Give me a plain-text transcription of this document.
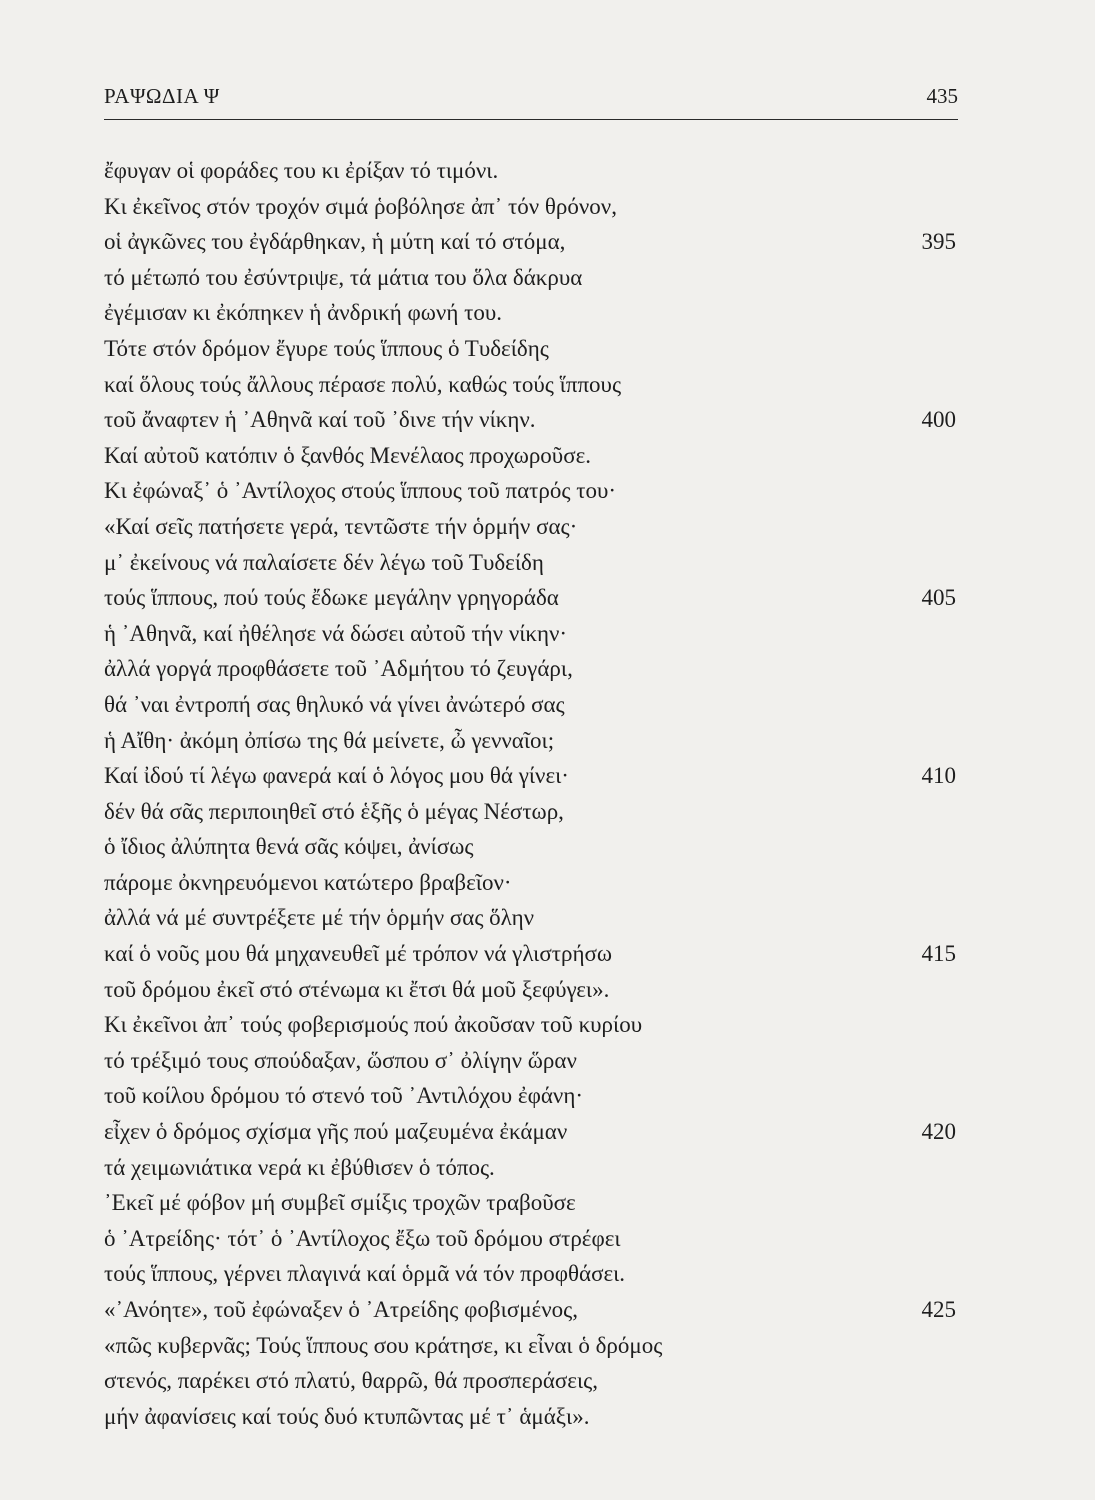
ΡΑΨΩΔΙΑ Ψ	435
ἔφυγαν οἱ φοράδες του κι ἐρίξαν τό τιμόνι.
Κι ἐκεῖνος στόν τροχόν σιμά ῥοβόλησε ἀπ᾿ τόν θρόνον,
οἱ ἀγκῶνες του ἐγδάρθηκαν, ἡ μύτη καί τό στόμα,	395
τό μέτωπό του ἐσύντριψε, τά μάτια του ὅλα δάκρυα
ἐγέμισαν κι ἐκόπηκεν ἡ ἀνδρική φωνή του.
Τότε στόν δρόμον ἔγυρε τούς ἵππους ὁ Τυδείδης
καί ὅλους τούς ἄλλους πέρασε πολύ, καθώς τούς ἵππους
τοῦ ἄναφτεν ἡ ᾿Αθηνᾶ καί τοῦ ᾿δινε τήν νίκην.	400
Καί αὐτοῦ κατόπιν ὁ ξανθός Μενέλαος προχωροῦσε.
Κι ἐφώναξ᾿ ὁ ᾿Αντίλοχος στούς ἵππους τοῦ πατρός του·
«Καί σεῖς πατήσετε γερά, τεντῶστε τήν ὁρμήν σας·
μ᾿ ἐκείνους νά παλαίσετε δέν λέγω τοῦ Τυδείδη
τούς ἵππους, πού τούς ἔδωκε μεγάλην γρηγοράδα	405
ἡ ᾿Αθηνᾶ, καί ἠθέλησε νά δώσει αὐτοῦ τήν νίκην·
ἀλλά γοργά προφθάσετε τοῦ ᾿Αδμήτου τό ζευγάρι,
θά ᾿ναι ἐντροπή σας θηλυκό νά γίνει ἀνώτερό σας
ἡ Αἴθη· ἀκόμη ὀπίσω της θά μείνετε, ὦ γενναῖοι;
Καί ἰδού τί λέγω φανερά καί ὁ λόγος μου θά γίνει·	410
δέν θά σᾶς περιποιηθεῖ στό ἑξῆς ὁ μέγας Νέστωρ,
ὁ ἴδιος ἀλύπητα θενά σᾶς κόψει, ἀνίσως
πάρομε ὀκνηρευόμενοι κατώτερο βραβεῖον·
ἀλλά νά μέ συντρέξετε μέ τήν ὁρμήν σας ὅλην
καί ὁ νοῦς μου θά μηχανευθεῖ μέ τρόπον νά γλιστρήσω	415
τοῦ δρόμου ἐκεῖ στό στένωμα κι ἔτσι θά μοῦ ξεφύγει».
Κι ἐκεῖνοι ἀπ᾿ τούς φοβερισμούς πού ἀκοῦσαν τοῦ κυρίου
τό τρέξιμό τους σπούδαξαν, ὥσπου σ᾿ ὀλίγην ὥραν
τοῦ κοίλου δρόμου τό στενό τοῦ ᾿Αντιλόχου ἐφάνη·
εἶχεν ὁ δρόμος σχίσμα γῆς πού μαζευμένα ἐκάμαν	420
τά χειμωνιάτικα νερά κι ἐβύθισεν ὁ τόπος.
᾿Εκεῖ μέ φόβον μή συμβεῖ σμίξις τροχῶν τραβοῦσε
ὁ ᾿Ατρείδης· τότ᾿ ὁ ᾿Αντίλοχος ἔξω τοῦ δρόμου στρέφει
τούς ἵππους, γέρνει πλαγινά καί ὁρμᾶ νά τόν προφθάσει.
«᾿Ανόητε», τοῦ ἐφώναξεν ὁ ᾿Ατρείδης φοβισμένος,	425
«πῶς κυβερνᾶς; Τούς ἵππους σου κράτησε, κι εἶναι ὁ δρόμος
στενός, παρέκει στό πλατύ, θαρρῶ, θά προσπεράσεις,
μήν ἀφανίσεις καί τούς δυό κτυπῶντας μέ τ᾿ ἁμάξι».
